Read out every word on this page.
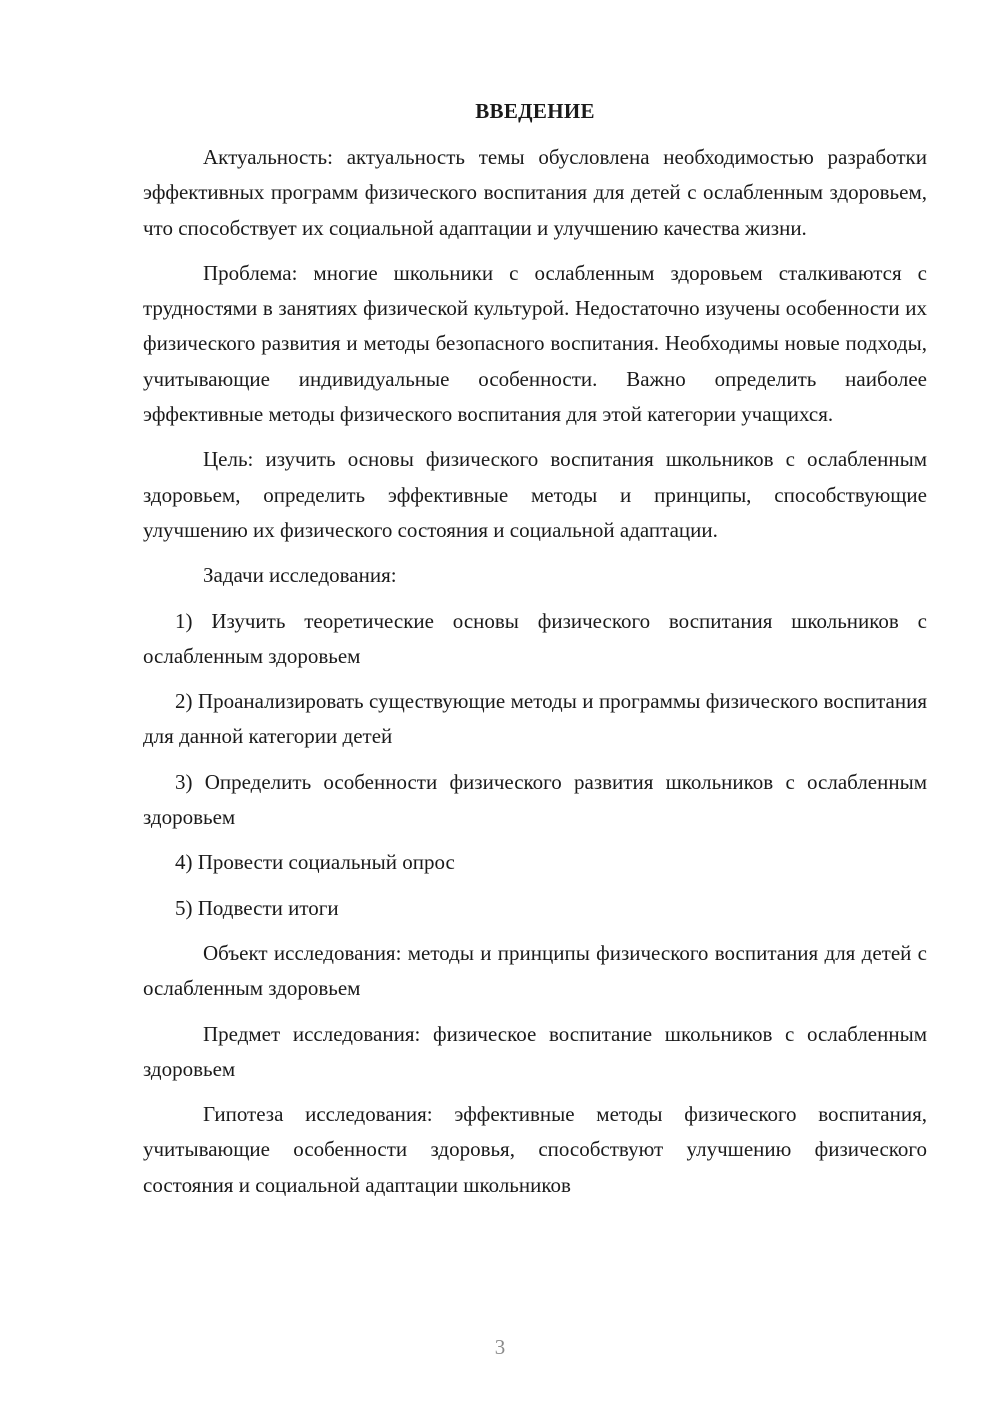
ВВЕДЕНИЕ

Актуальность: актуальность темы обусловлена необходимостью разработки эффективных программ физического воспитания для детей с ослабленным здоровьем, что способствует их социальной адаптации и улучшению качества жизни.

Проблема: многие школьники с ослабленным здоровьем сталкиваются с трудностями в занятиях физической культурой. Недостаточно изучены особенности их физического развития и методы безопасного воспитания. Необходимы новые подходы, учитывающие индивидуальные особенности. Важно определить наиболее эффективные методы физического воспитания для этой категории учащихся.

Цель: изучить основы физического воспитания школьников с ослабленным здоровьем, определить эффективные методы и принципы, способствующие улучшению их физического состояния и социальной адаптации.

Задачи исследования:

1) Изучить теоретические основы физического воспитания школьников с ослабленным здоровьем

2) Проанализировать существующие методы и программы физического воспитания для данной категории детей

3) Определить особенности физического развития школьников с ослабленным здоровьем

4) Провести социальный опрос

5) Подвести итоги

Объект исследования: методы и принципы физического воспитания для детей с ослабленным здоровьем

Предмет исследования: физическое воспитание школьников с ослабленным здоровьем

Гипотеза исследования: эффективные методы физического воспитания, учитывающие особенности здоровья, способствуют улучшению физического состояния и социальной адаптации школьников

3
